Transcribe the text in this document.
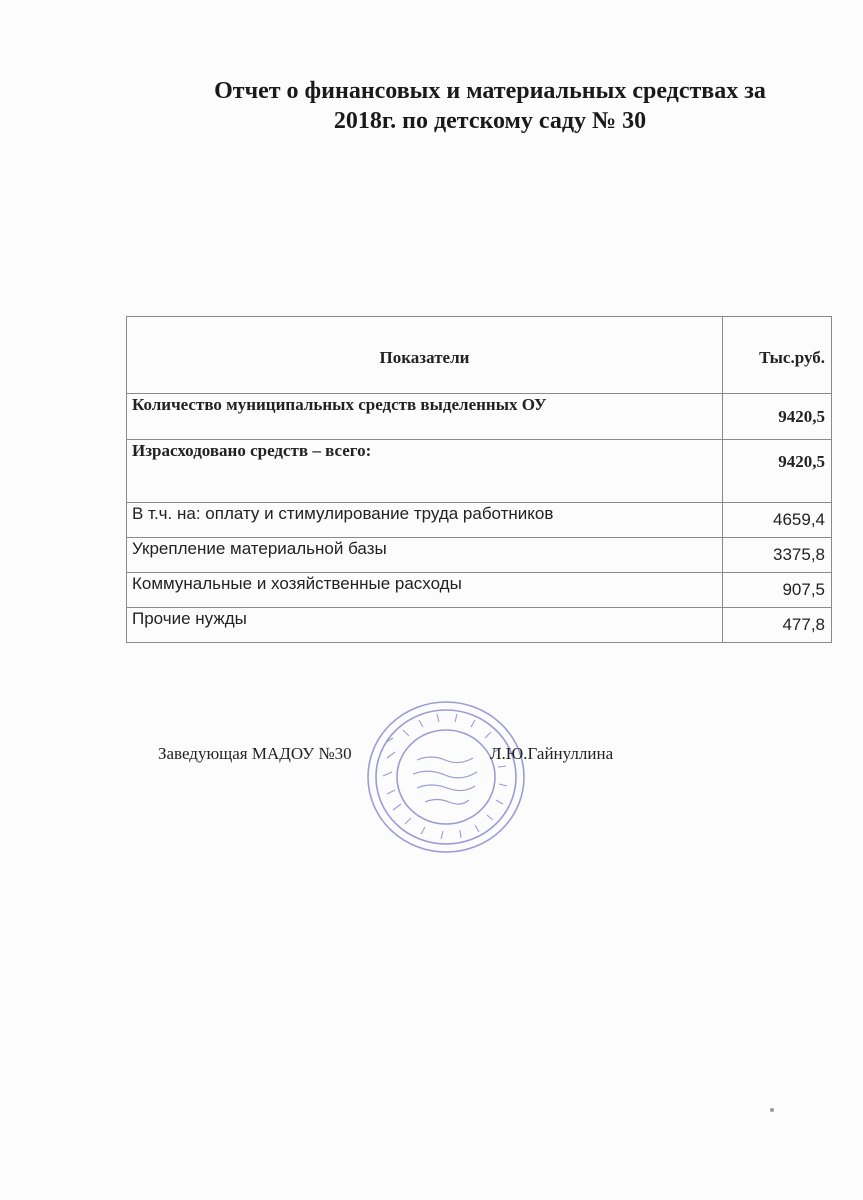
Отчет о финансовых и материальных средствах за
2018г. по детскому саду № 30
Показатели	Тыс.руб.
Количество муниципальных средств выделенных ОУ	9420,5
Израсходовано средств – всего:	9420,5
В т.ч. на: оплату и стимулирование труда работников	4659,4
Укрепление материальной базы	3375,8
Коммунальные и хозяйственные расходы	907,5
Прочие нужды	477,8
Заведующая МАДОУ №30	Л.Ю.Гайнуллина
